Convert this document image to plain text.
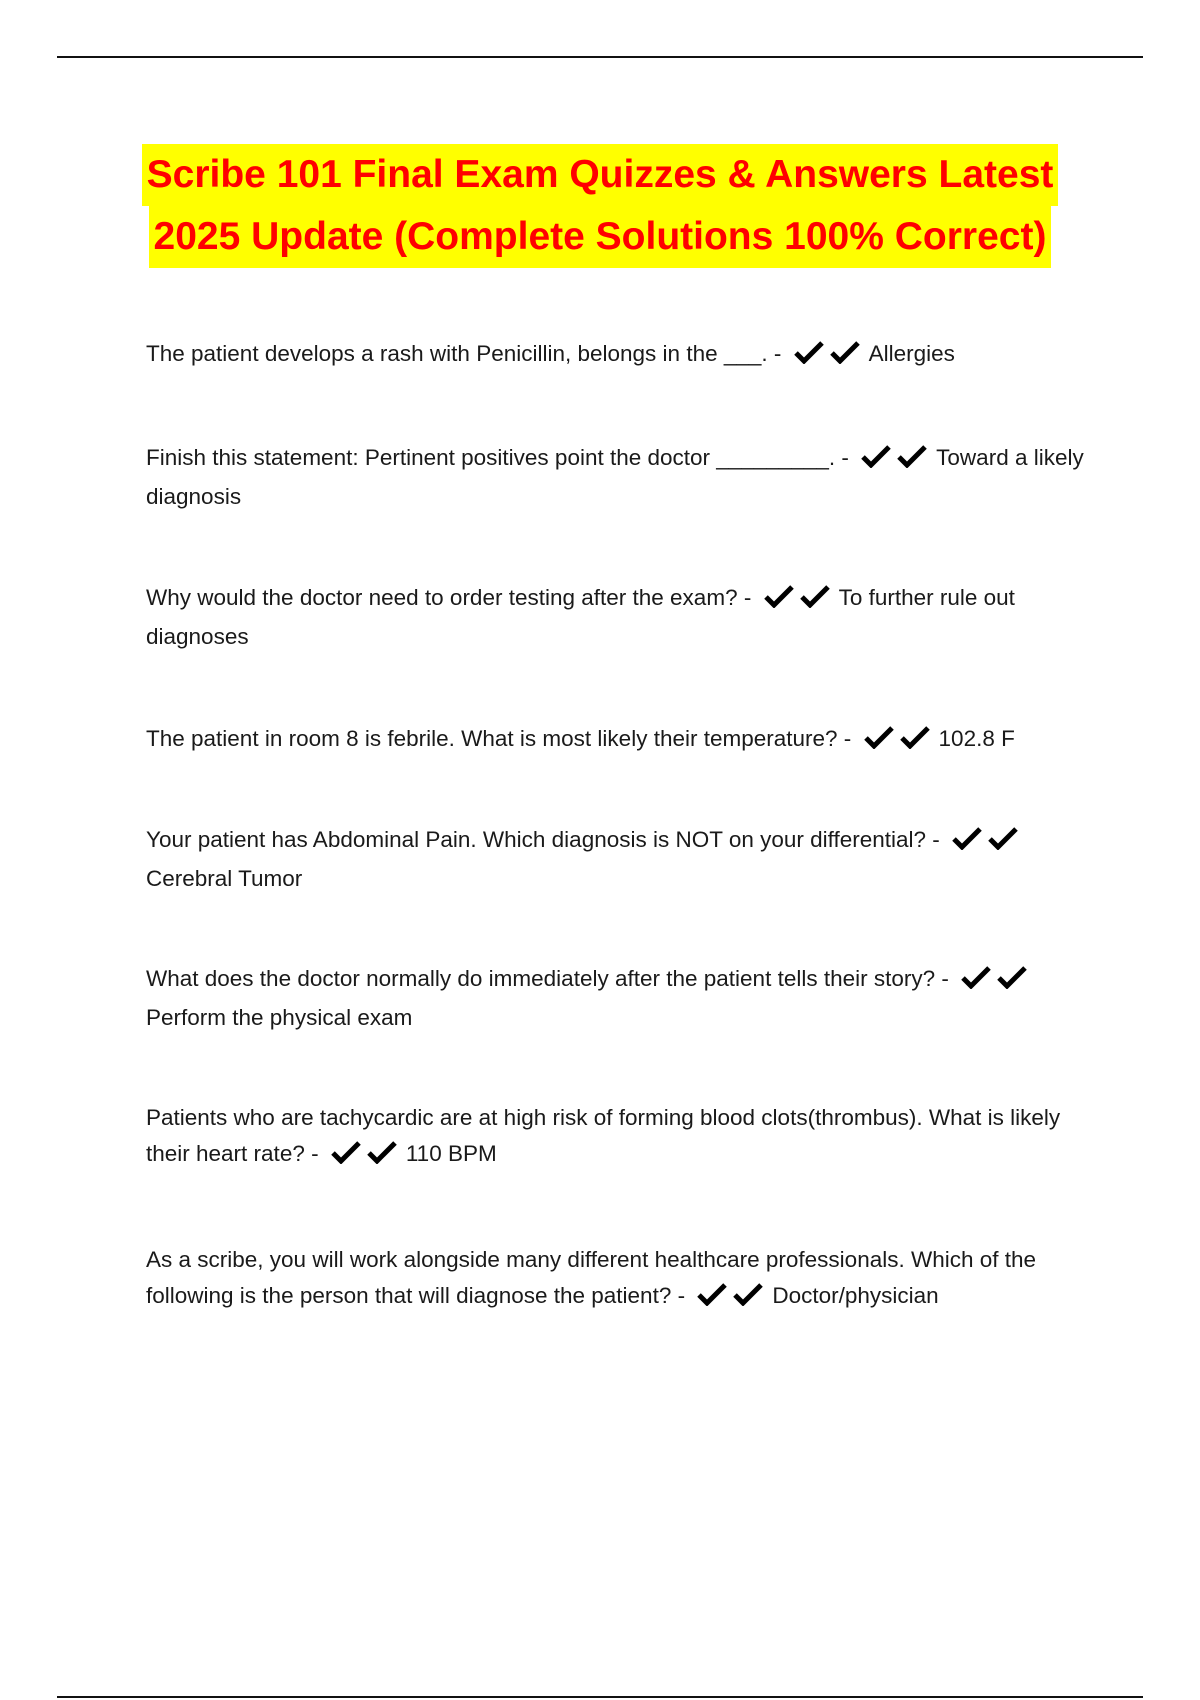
Scribe 101 Final Exam Quizzes & Answers Latest
2025 Update (Complete Solutions 100% Correct)
The patient develops a rash with Penicillin, belongs in the ___. -	Allergies
Finish this statement: Pertinent positives point the doctor _________. -	Toward a likely diagnosis
Why would the doctor need to order testing after the exam? -	To further rule out diagnoses
The patient in room 8 is febrile. What is most likely their temperature? -	102.8 F
Your patient has Abdominal Pain. Which diagnosis is NOT on your differential? - Cerebral Tumor
What does the doctor normally do immediately after the patient tells their story? - Perform the physical exam
Patients who are tachycardic are at high risk of forming blood clots(thrombus). What is likely their heart rate? -	110 BPM
As a scribe, you will work alongside many different healthcare professionals. Which of the following is the person that will diagnose the patient? -	Doctor/physician
